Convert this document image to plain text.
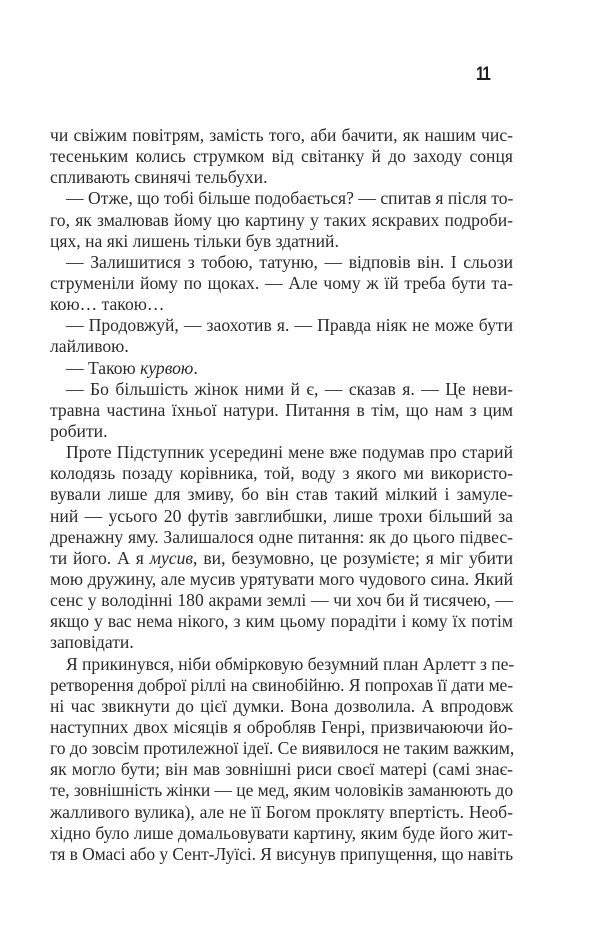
11
чи свіжим повітрям, замість того, аби бачити, як нашим чис-
тесеньким колись струмком від світанку й до заходу сонця
спливають свинячі тельбухи.
— Отже, що тобі більше подобається? — спитав я після то-
го, як змалював йому цю картину у таких яскравих подроби-
цях, на які лишень тільки був здатний.
— Залишитися з тобою, татуню, — відповів він. І сльози
струменіли йому по щоках. — Але чому ж їй треба бути та-
кою… такою…
— Продовжуй, — заохотив я. — Правда ніяк не може бути
лайливою.
— Такою курвою.
— Бо більшість жінок ними й є, — сказав я. — Це неви-
травна частина їхньої натури. Питання в тім, що нам з цим
робити.
Проте Підступник усередині мене вже подумав про старий
колодязь позаду корівника, той, воду з якого ми використо-
вували лише для змиву, бо він став такий мілкий і замуле-
ний — усього 20 футів завглибшки, лише трохи більший за
дренажну яму. Залишалося одне питання: як до цього підвес-
ти його. А я мусив, ви, безумовно, це розумієте; я міг убити
мою дружину, але мусив урятувати мого чудового сина. Який
сенс у володінні 180 акрами землі — чи хоч би й тисячею, —
якщо у вас нема нікого, з ким цьому порадіти і кому їх потім
заповідати.
Я прикинувся, ніби обмірковую безумний план Арлетт з пе-
ретворення доброї ріллі на свинобійню. Я попрохав її дати ме-
ні час звикнути до цієї думки. Вона дозволила. А впродовж
наступних двох місяців я обробляв Генрі, призвичаюючи йо-
го до зовсім протилежної ідеї. Се виявилося не таким важким,
як могло бути; він мав зовнішні риси своєї матері (самі знає-
те, зовнішність жінки — це мед, яким чоловіків заманюють до
жалливого вулика), але не її Богом прокляту впертість. Необ-
хідно було лише домальовувати картину, яким буде його жит-
тя в Омасі або у Сент-Луїсі. Я висунув припущення, що навіть
